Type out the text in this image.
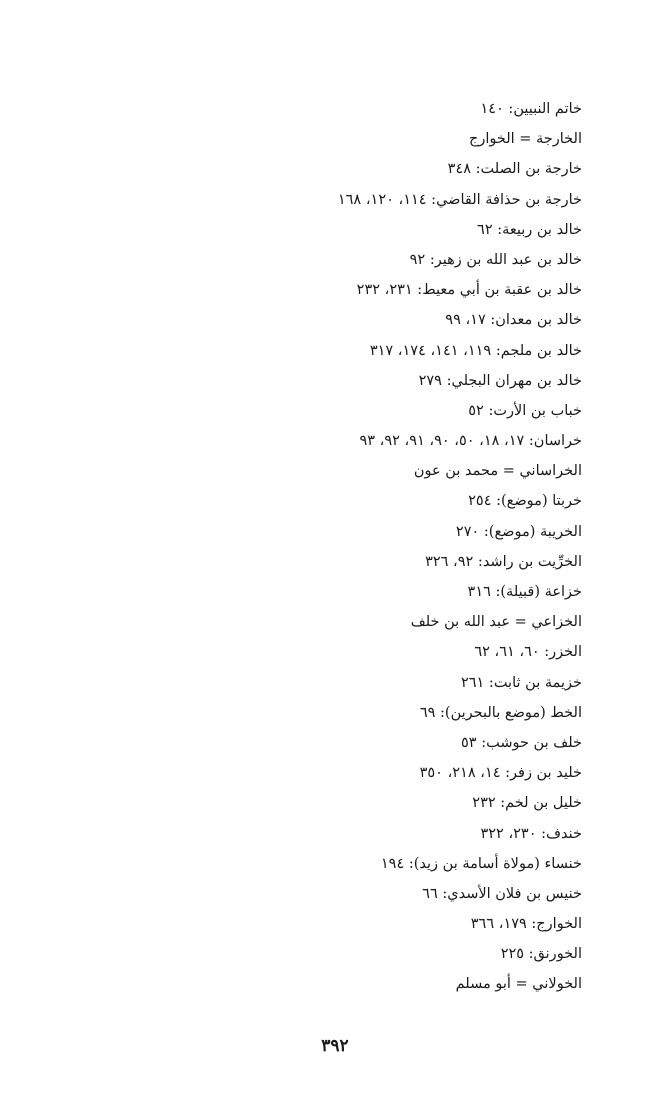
خاتم النبيين: ١٤٠
الخارجة = الخوارج
خارجة بن الصلت: ٣٤٨
خارجة بن حذافة القاضي: ١١٤، ١٢٠، ١٦٨
خالد بن ربيعة: ٦٢
خالد بن عبد الله بن زهير: ٩٢
خالد بن عقبة بن أبي معيط: ٢٣١، ٢٣٢
خالد بن معدان: ١٧، ٩٩
خالد بن ملجم: ١١٩، ١٤١، ١٧٤، ٣١٧
خالد بن مهران البجلي: ٢٧٩
خباب بن الأرت: ٥٢
خراسان: ١٧، ١٨، ٥٠، ٩٠، ٩١، ٩٢، ٩٣
الخراساني = محمد بن عون
خربتا (موضع): ٢٥٤
الخريبة (موضع): ٢٧٠
الخرِّيت بن راشد: ٩٢، ٣٢٦
خزاعة (قبيلة): ٣١٦
الخزاعي = عبد الله بن خلف
الخزر: ٦٠، ٦١، ٦٢
خزيمة بن ثابت: ٢٦١
الخط (موضع بالبحرين): ٦٩
خلف بن حوشب: ٥٣
خليد بن زفر: ١٤، ٢١٨، ٣٥٠
خليل بن لخم: ٢٣٢
خندف: ٢٣٠، ٣٢٢
خنساء (مولاة أسامة بن زيد): ١٩٤
خنيس بن فلان الأسدي: ٦٦
الخوارج: ١٧٩، ٣٦٦
الخورنق: ٢٢٥
الخولاني = أبو مسلم
٣٩٢
